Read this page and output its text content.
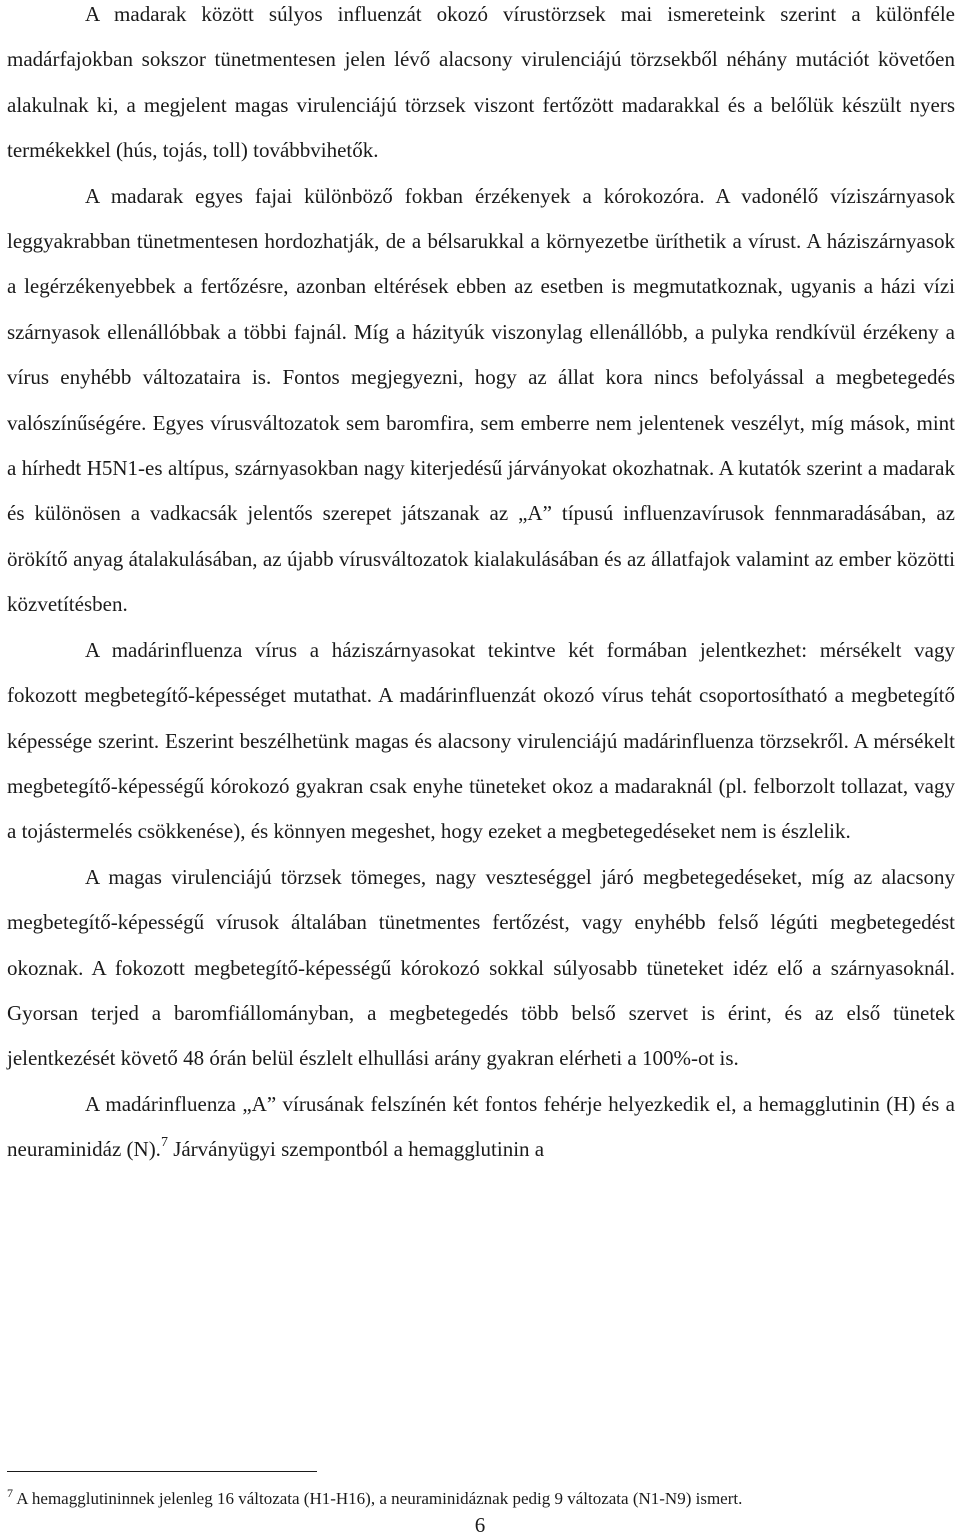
A madarak között súlyos influenzát okozó vírustörzsek mai ismereteink szerint a különféle madárfajokban sokszor tünetmentesen jelen lévő alacsony virulenciájú törzsekből néhány mutációt követően alakulnak ki, a megjelent magas virulenciájú törzsek viszont fertőzött madarakkal és a belőlük készült nyers termékekkel (hús, tojás, toll) továbbvihetők.

A madarak egyes fajai különböző fokban érzékenyek a kórokozóra. A vadonélő víziszárnyasok leggyakrabban tünetmentesen hordozhatják, de a bélsarukkal a környezetbe üríthetik a vírust. A háziszárnyasok a legérzékenyebbek a fertőzésre, azonban eltérések ebben az esetben is megmutatkoznak, ugyanis a házi vízi szárnyasok ellenállóbbak a többi fajnál. Míg a házityúk viszonylag ellenállóbb, a pulyka rendkívül érzékeny a vírus enyhébb változataira is. Fontos megjegyezni, hogy az állat kora nincs befolyással a megbetegedés valószínűségére. Egyes vírusváltozatok sem baromfira, sem emberre nem jelentenek veszélyt, míg mások, mint a hírhedt H5N1-es altípus, szárnyasokban nagy kiterjedésű járványokat okozhatnak. A kutatók szerint a madarak és különösen a vadkacsák jelentős szerepet játszanak az „A” típusú influenzavírusok fennmaradásában, az örökítő anyag átalakulásában, az újabb vírusváltozatok kialakulásában és az állatfajok valamint az ember közötti közvetítésben.

A madárinfluenza vírus a háziszárnyasokat tekintve két formában jelentkezhet: mérsékelt vagy fokozott megbetegítő-képességet mutathat. A madárinfluenzát okozó vírus tehát csoportosítható a megbetegítő képessége szerint. Eszerint beszélhetünk magas és alacsony virulenciájú madárinfluenza törzsekről. A mérsékelt megbetegítő-képességű kórokozó gyakran csak enyhe tüneteket okoz a madaraknál (pl. felborzolt tollazat, vagy a tojástermelés csökkenése), és könnyen megeshet, hogy ezeket a megbetegedéseket nem is észlelik.

A magas virulenciájú törzsek tömeges, nagy veszteséggel járó megbetegedéseket, míg az alacsony megbetegítő-képességű vírusok általában tünetmentes fertőzést, vagy enyhébb felső légúti megbetegedést okoznak. A fokozott megbetegítő-képességű kórokozó sokkal súlyosabb tüneteket idéz elő a szárnyasoknál. Gyorsan terjed a baromfiállományban, a megbetegedés több belső szervet is érint, és az első tünetek jelentkezését követő 48 órán belül észlelt elhullási arány gyakran elérheti a 100%-ot is.

A madárinfluenza „A” vírusának felszínén két fontos fehérje helyezkedik el, a hemagglutinin (H) és a neuraminidáz (N).$^7$ Járványügyi szempontból a hemagglutinin a

$^7$ A hemagglutininnek jelenleg 16 változata (H1-H16), a neuraminidáznak pedig 9 változata (N1-N9) ismert.
6
